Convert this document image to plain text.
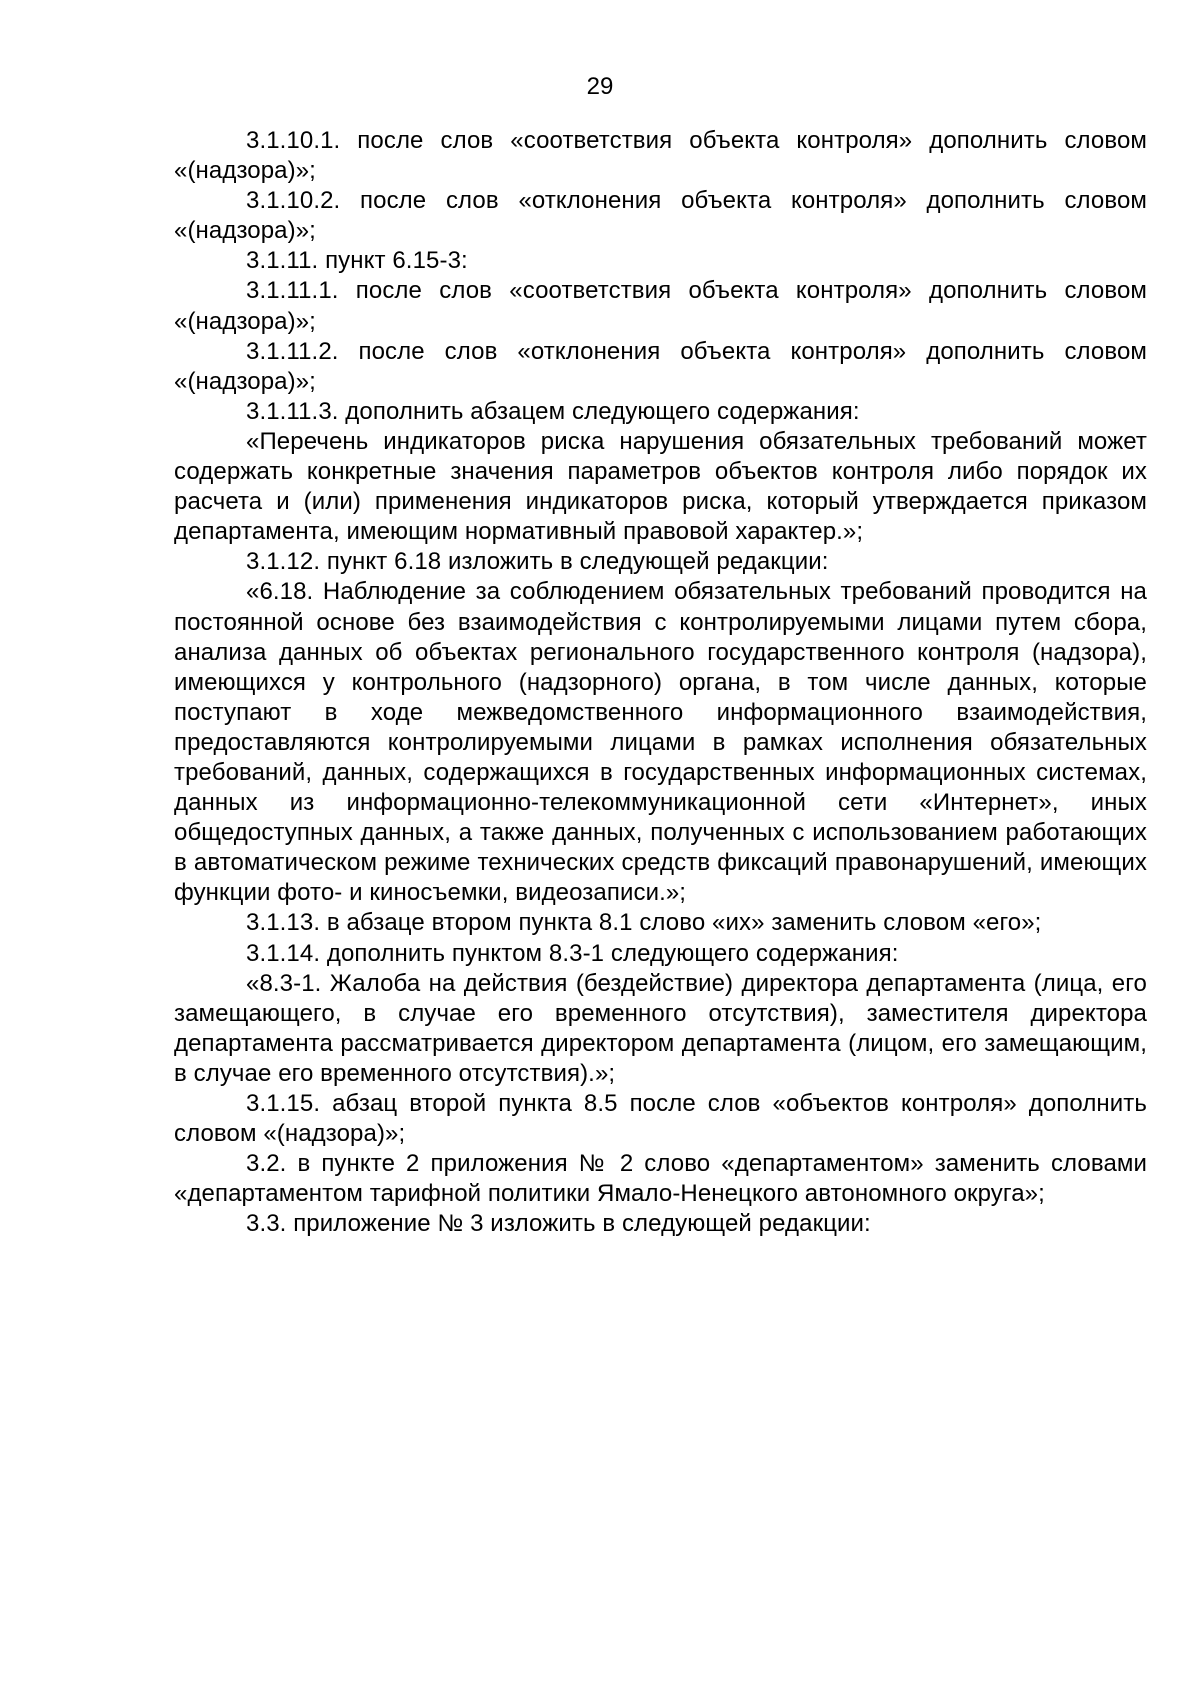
29

3.1.10.1. после слов «соответствия объекта контроля» дополнить словом «(надзора)»;

3.1.10.2. после слов «отклонения объекта контроля» дополнить словом «(надзора)»;

3.1.11. пункт 6.15-3:

3.1.11.1. после слов «соответствия объекта контроля» дополнить словом «(надзора)»;

3.1.11.2. после слов «отклонения объекта контроля» дополнить словом «(надзора)»;

3.1.11.3. дополнить абзацем следующего содержания:

«Перечень индикаторов риска нарушения обязательных требований может содержать конкретные значения параметров объектов контроля либо порядок их расчета и (или) применения индикаторов риска, который утверждается приказом департамента, имеющим нормативный правовой характер.»;

3.1.12. пункт 6.18 изложить в следующей редакции:

«6.18. Наблюдение за соблюдением обязательных требований проводится на постоянной основе без взаимодействия с контролируемыми лицами путем сбора, анализа данных об объектах регионального государственного контроля (надзора), имеющихся у контрольного (надзорного) органа, в том числе данных, которые поступают в ходе межведомственного информационного взаимодействия, предоставляются контролируемыми лицами в рамках исполнения обязательных требований, данных, содержащихся в государственных информационных системах, данных из информационно-телекоммуникационной сети «Интернет», иных общедоступных данных, а также данных, полученных с использованием работающих в автоматическом режиме технических средств фиксаций правонарушений, имеющих функции фото- и киносъемки, видеозаписи.»;

3.1.13. в абзаце втором пункта 8.1 слово «их» заменить словом «его»;

3.1.14. дополнить пунктом 8.3-1 следующего содержания:

«8.3-1. Жалоба на действия (бездействие) директора департамента (лица, его замещающего, в случае его временного отсутствия), заместителя директора департамента рассматривается директором департамента (лицом, его замещающим, в случае его временного отсутствия).»;

3.1.15. абзац второй пункта 8.5 после слов «объектов контроля» дополнить словом «(надзора)»;

3.2. в пункте 2 приложения № 2 слово «департаментом» заменить словами «департаментом тарифной политики Ямало-Ненецкого автономного округа»;

3.3. приложение № 3 изложить в следующей редакции:
